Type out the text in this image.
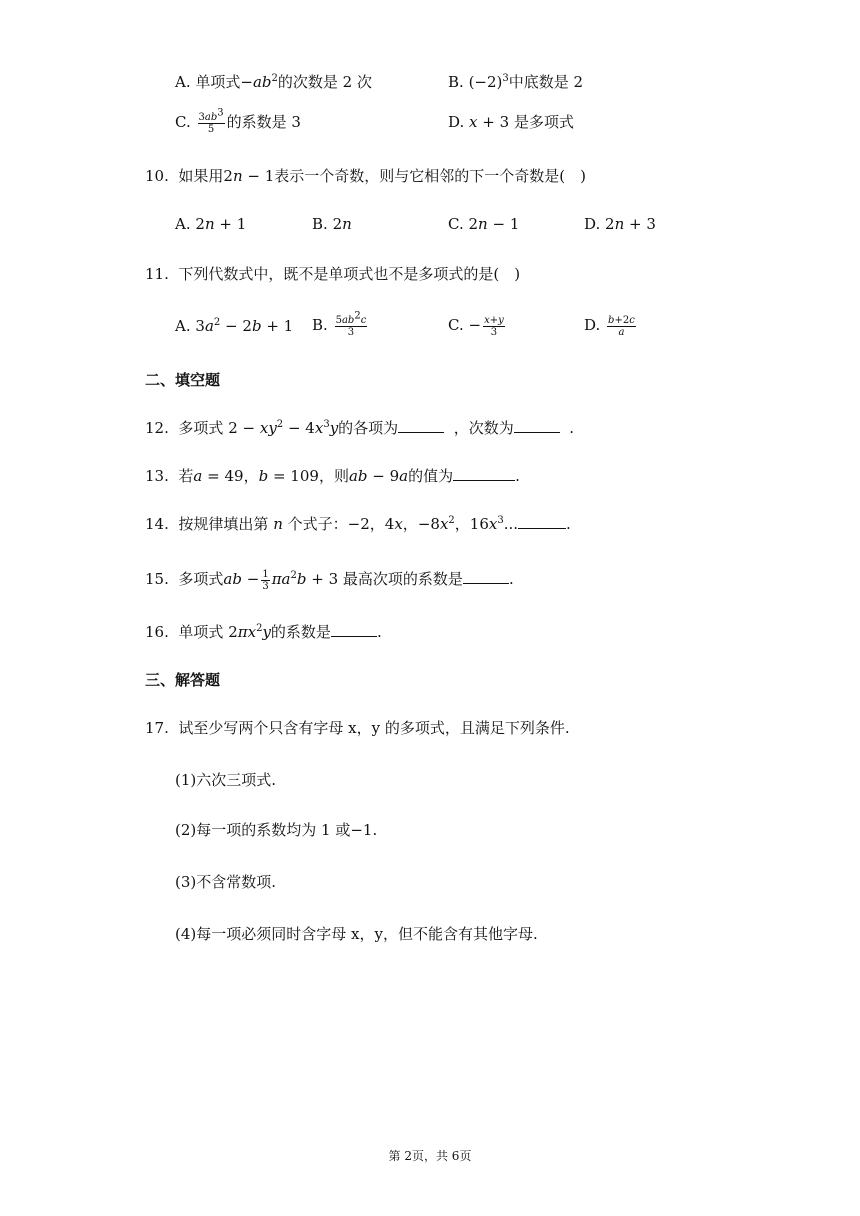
A. 单项式$-ab^2$的次数是 2 次	B. $(-2)^3$中底数是 2
C. $\frac{3ab^3}{5}$ 的系数是 3	D. x + 3 是多项式
10. 如果用2n − 1表示一个奇数，则与它相邻的下一个奇数是(　)
A. 2n + 1	B. 2n	C. 2n − 1	D. 2n + 3
11. 下列代数式中，既不是单项式也不是多项式的是(　)
A. $3a^2 - 2b + 1$ B. $\frac{5ab^2c}{3}$	C. − $\frac{x+y}{3}$	D. $\frac{b+2c}{a}$
二、填空题
12. 多项式 $2 - xy^2 - 4x^3y$的各项为	，次数为	.
13. 若a = 49，b = 109，则ab − 9a的值为	.
14. 按规律填出第 n 个式子：−2，4x，$-8x^2$，$16x^3$...	.
15. 多项式ab − $\frac{1}{3} \pi a^2b + 3$ 最高次项的系数是	.
16. 单项式 $2\pi x^2y$的系数是	.
三、解答题
17. 试至少写两个只含有字母 x，y 的多项式，且满足下列条件.
(1)六次三项式.
(2)每一项的系数均为 1 或−1.
(3)不含常数项.
(4)每一项必须同时含字母 x，y，但不能含有其他字母.
第 2页，共 6页
